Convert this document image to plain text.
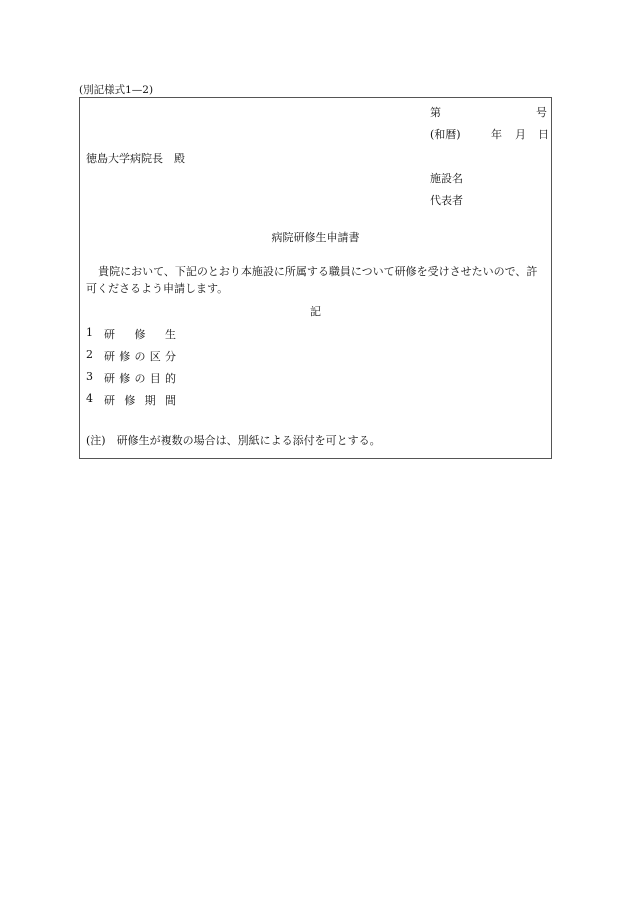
(別記様式1—2)
第	号
(和暦)	年 月 日
徳島大学病院長　殿
施設名
代表者
病院研修生申請書
貴院において、下記のとおり本施設に所属する職員について研修を受けさせたいので、許可くださるよう申請します。
記
1 研 修 生
2 研 修 の 区 分
3 研 修 の 目 的
4 研 修 期 間
(注)　研修生が複数の場合は、別紙による添付を可とする。
